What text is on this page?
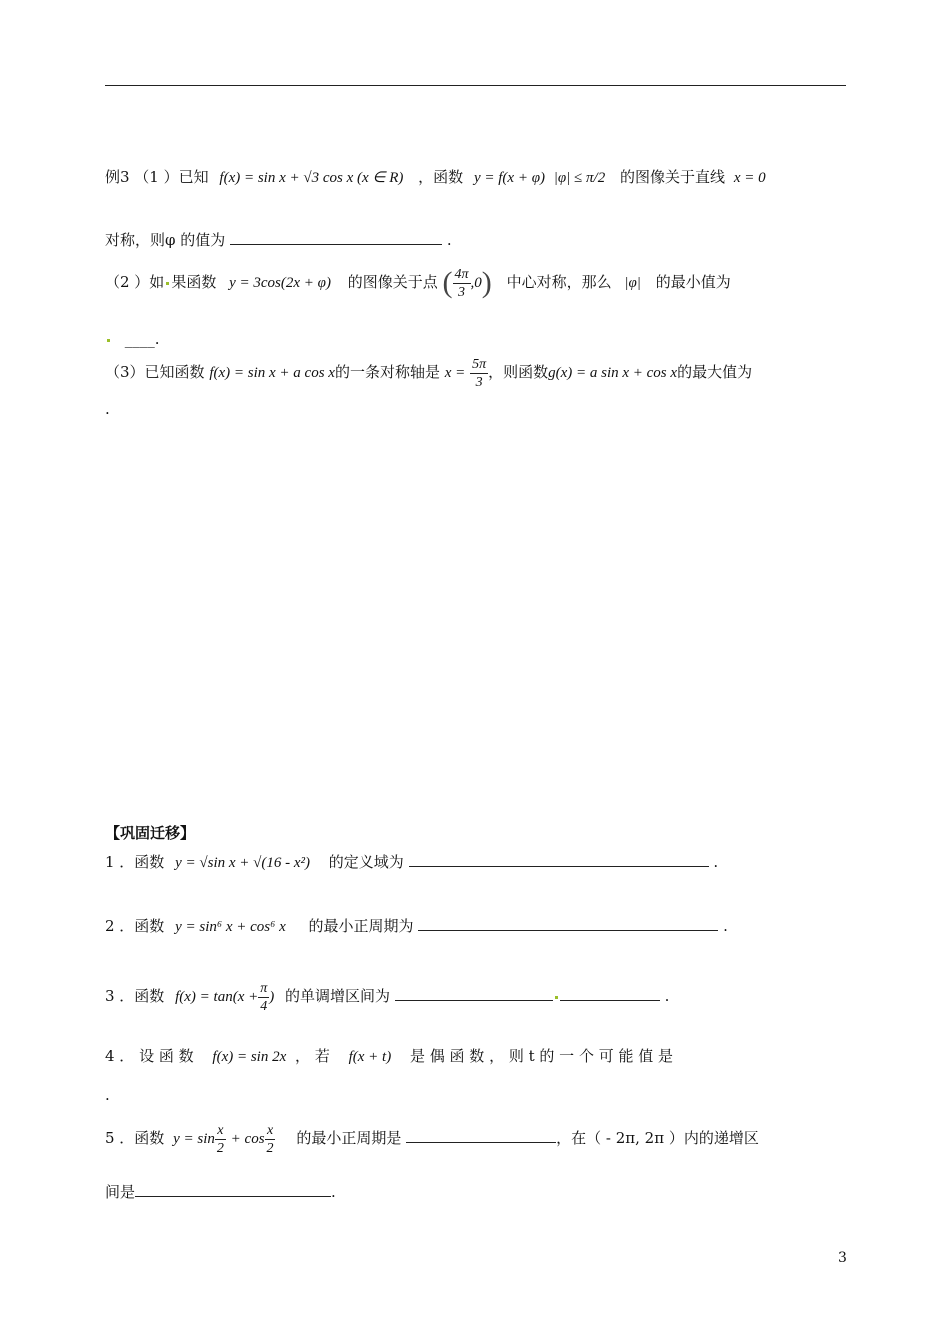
例3 （1 ）已知 f(x) = sin x + √3 cos x (x ∈ R) ，函数 y = f(x + φ) |φ| ≤ π/2 的图像关于直线 x = 0
对称，则φ 的值为	.
（2 ）如 果函数 y = 3cos(2x + φ) 的图像关于点 ( $\frac{4\pi}{3} ,0$) 中心对称，那么 |φ| 的最小值为
____.
（3）已知函数 f(x) = sin x + a cos x的一条对称轴是 $x = \frac{5\pi}{3}$ ，则函数g(x) = a sin x + cos x的最大值为
.
【巩固迁移】
1 ．函数 y = √sin x + √(16 - x²) 的定义域为	.
2 ．函数 y = sin⁶ x + cos⁶ x 的最小正周期为	.
3 ．函数 $f(x) = \tan(x + \frac{\pi}{4}$ ) 的单调增区间为	.
4 ． 设 函 数 f(x) = sin 2x ， 若 f(x + t) 是 偶 函 数 ， 则 t 的 一 个 可 能 值 是
.
5 ．函数 $y = \sin \frac{x}{2} + \cos \frac{x}{2}$ 的最小正周期是	，在（ - 2π, 2π ）内的递增区
间是	.
3
